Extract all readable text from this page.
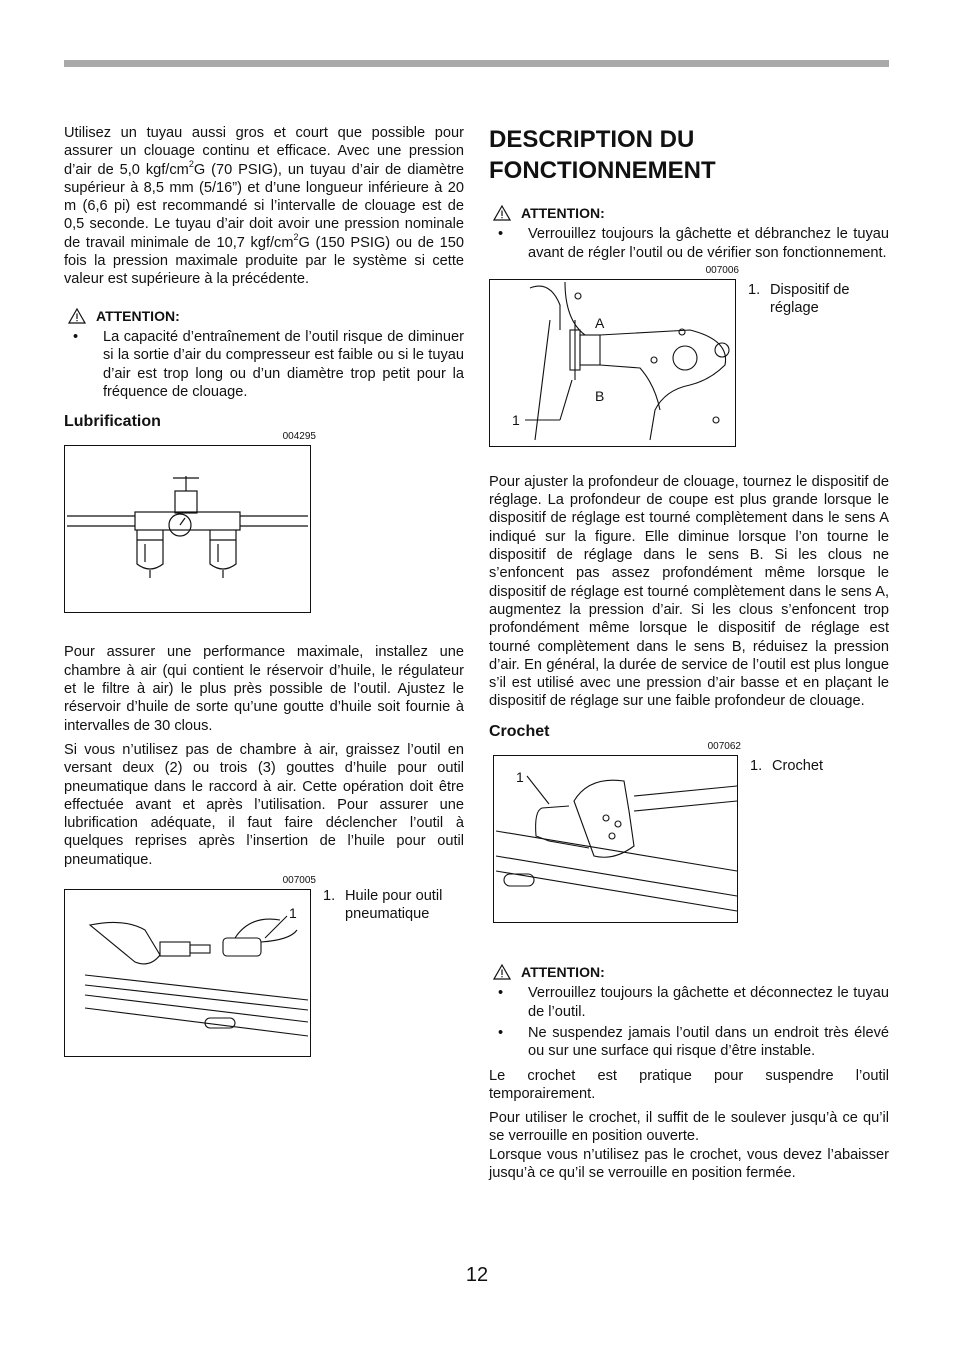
Utilisez un tuyau aussi gros et court que possible pour assurer un clouage continu et efficace. Avec une pression d’air de 5,0 kgf/$cm^2G$ (70 PSIG), un tuyau d’air de diamètre supérieur à 8,5 mm (5/16”) et d’une longueur inférieure à 20 m (6,6 pi) est recommandé si l’intervalle de clouage est de 0,5 seconde. Le tuyau d’air doit avoir une pression nominale de travail minimale de 10,7 kgf/$cm^2G$ (150 PSIG) ou de 150 fois la pression maximale produite par le système si cette valeur est supérieure à la précédente.

ATTENTION:
• La capacité d’entraînement de l’outil risque de diminuer si la sortie d’air du compresseur est faible ou si le tuyau d’air est trop long ou d’un diamètre trop petit pour la fréquence de clouage.
Lubrification
004295

Pour assurer une performance maximale, installez une chambre à air (qui contient le réservoir d’huile, le régulateur et le filtre à air) le plus près possible de l’outil. Ajustez le réservoir d’huile de sorte qu’une goutte d’huile soit fournie à intervalles de 30 clous.

Si vous n’utilisez pas de chambre à air, graissez l’outil en versant deux (2) ou trois (3) gouttes d’huile pour outil pneumatique dans le raccord à air. Cette opération doit être effectuée avant et après l’utilisation. Pour assurer une lubrification adéquate, il faut faire déclencher l’outil à quelques reprises après l’insertion de l’huile pour outil pneumatique.

007005
1
1. Huile pour outil pneumatique
DESCRIPTION DU FONCTIONNEMENT
ATTENTION:
• Verrouillez toujours la gâchette et débranchez le tuyau avant de régler l’outil ou de vérifier son fonctionnement.
007006
A
B
1
1. Dispositif de réglage

Pour ajuster la profondeur de clouage, tournez le dispositif de réglage. La profondeur de coupe est plus grande lorsque le dispositif de réglage est tourné complètement dans le sens A indiqué sur la figure. Elle diminue lorsque l’on tourne le dispositif de réglage dans le sens B. Si les clous ne s’enfoncent pas assez profondément même lorsque le dispositif de réglage est tourné complètement dans le sens A, augmentez la pression d’air. Si les clous s’enfoncent trop profondément même lorsque le dispositif de réglage est tourné complètement dans le sens B, réduisez la pression d’air. En général, la durée de service de l’outil est plus longue s’il est utilisé avec une pression d’air basse et en plaçant le dispositif de réglage sur une faible profondeur de clouage.

Crochet
007062
1
1. Crochet
ATTENTION:
• Verrouillez toujours la gâchette et déconnectez le tuyau de l’outil.
• Ne suspendez jamais l’outil dans un endroit très élevé ou sur une surface qui risque d’être instable.

Le crochet est pratique pour suspendre l’outil temporairement.

Pour utiliser le crochet, il suffit de le soulever jusqu’à ce qu’il se verrouille en position ouverte.

Lorsque vous n’utilisez pas le crochet, vous devez l’abaisser jusqu’à ce qu’il se verrouille en position fermée.

12
